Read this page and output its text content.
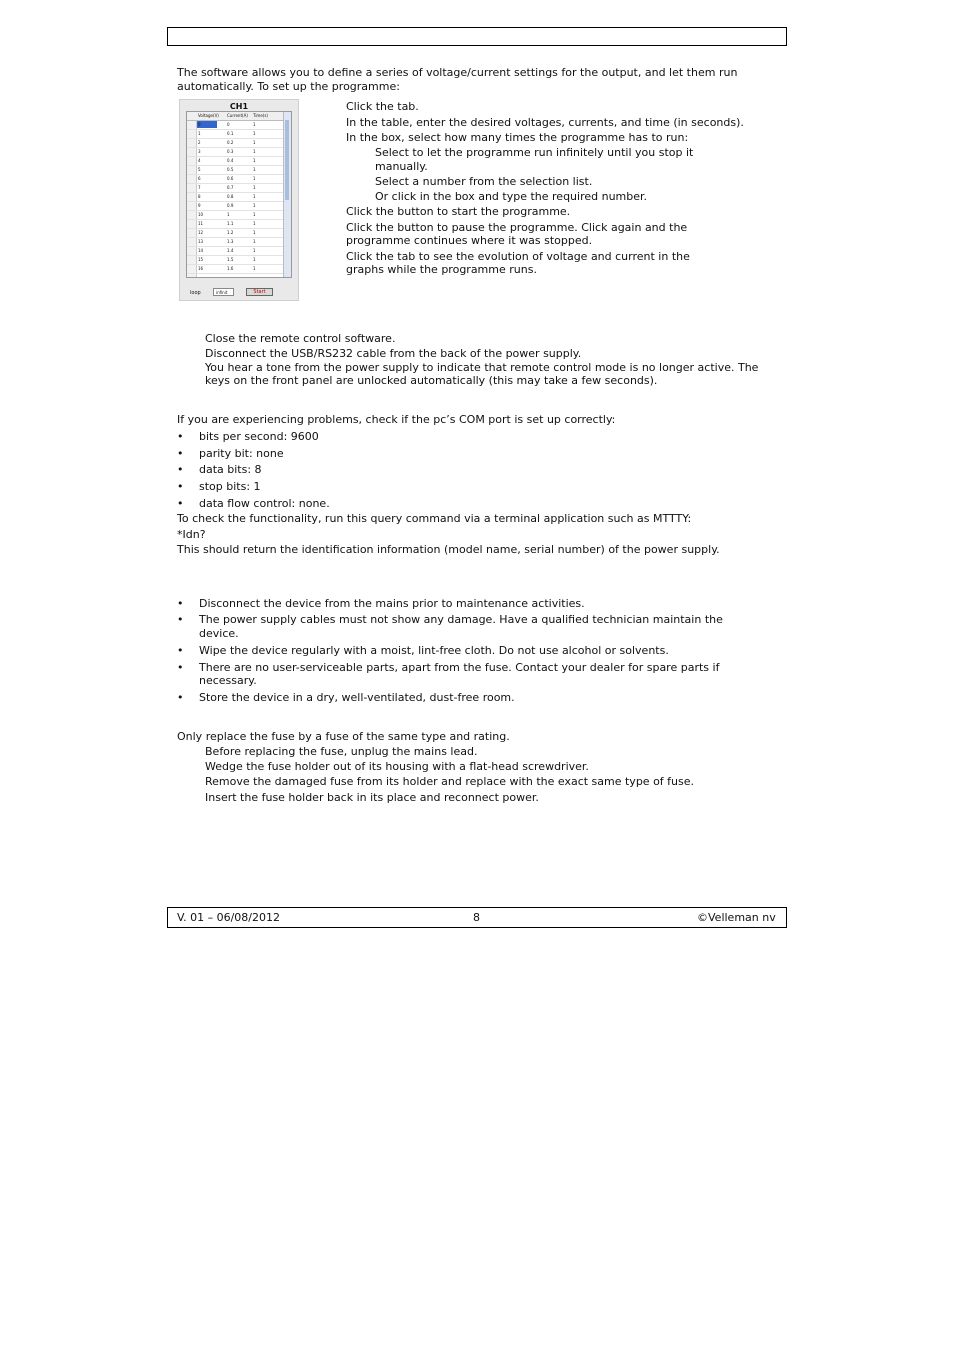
The software allows you to define a series of voltage/current settings for the output, and let them run
automatically. To set up the programme:
CH1
Voltage(V) Current(A) Time(s)
0	0	1
1	0.1	1
2	0.2	1
3	0.3	1
4	0.4	1
5	0.5	1
6	0.6	1
7	0.7	1
8	0.8	1
9	0.9	1
10	1	1
11	1.1	1
12	1.2	1
13	1.3	1
14	1.4	1
15	1.5	1
16	1.6	1
loop	infinit	Start
Click the tab.
In the table, enter the desired voltages, currents, and time (in seconds).
In the box, select how many times the programme has to run:
Select to let the programme run infinitely until you stop it
manually.
Select a number from the selection list.
Or click in the box and type the required number.
Click the button to start the programme.
Click the button to pause the programme. Click again and the
programme continues where it was stopped.
Click the tab to see the evolution of voltage and current in the
graphs while the programme runs.
Close the remote control software.
Disconnect the USB/RS232 cable from the back of the power supply.
You hear a tone from the power supply to indicate that remote control mode is no longer active. The
keys on the front panel are unlocked automatically (this may take a few seconds).
If you are experiencing problems, check if the pc’s COM port is set up correctly:
• bits per second: 9600
• parity bit: none
• data bits: 8
• stop bits: 1
• data flow control: none.
To check the functionality, run this query command via a terminal application such as MTTTY:
*Idn?
This should return the identification information (model name, serial number) of the power supply.
• Disconnect the device from the mains prior to maintenance activities.
• The power supply cables must not show any damage. Have a qualified technician maintain the
device.
• Wipe the device regularly with a moist, lint-free cloth. Do not use alcohol or solvents.
• There are no user-serviceable parts, apart from the fuse. Contact your dealer for spare parts if
necessary.
• Store the device in a dry, well-ventilated, dust-free room.
Only replace the fuse by a fuse of the same type and rating.
Before replacing the fuse, unplug the mains lead.
Wedge the fuse holder out of its housing with a flat-head screwdriver.
Remove the damaged fuse from its holder and replace with the exact same type of fuse.
Insert the fuse holder back in its place and reconnect power.
V. 01 – 06/08/2012	8	©Velleman nv
